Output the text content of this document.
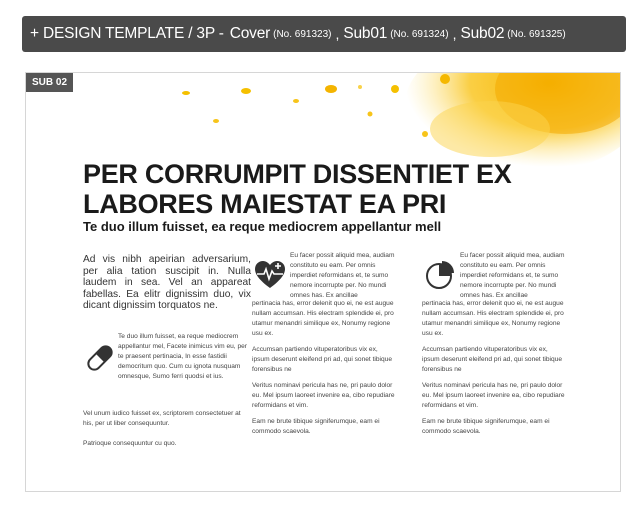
+ DESIGN TEMPLATE / 3P - Cover (No. 691323) , Sub01 (No. 691324) , Sub02 (No. 691325)
SUB 02
PER CORRUMPIT DISSENTIET EX
LABORES MAIESTAT EA PRI
Te duo illum fuisset, ea reque mediocrem appellantur mell
Ad vis nibh apeirian adversarium, per alia tation suscipit in. Nulla laudem in sea. Vel an appareat fabellas. Ea elitr dignissim duo, vix dicant dignissim torquatos ne.

Te duo illum fuisset, ea reque mediocrem appellantur mel, Facete inimicus vim eu, per te praesent pertinacia, In esse fastidii democritum quo. Cum cu ignota nusquam omnesque, Sumo ferri quodsi et ius.

Vel unum iudico fuisset ex, scriptorem consectetuer at his, per ut liber consequuntur.
Patrioque consequuntur cu quo.
Eu facer possit aliquid mea, audiam constituto eu eam. Per omnis imperdiet reformidans et, te sumo nemore incorrupte per. No mundi omnes has. Ex ancillae

pertinacia has, error delenit quo ei, ne est augue nullam accumsan. His electram splendide ei, pro utamur menandri similique ex, Nonumy regione usu ex.

Accumsan partiendo vituperatoribus vix ex, ipsum deserunt eleifend pri ad, qui sonet tibique forensibus ne

Veritus nominavi pericula has ne, pri paulo dolor eu. Mel ipsum laoreet invenire ea, cibo repudiare reformidans et vim.

Eam ne brute tibique signiferumque, eam ei commodo scaevola.

Eu facer possit aliquid mea, audiam constituto eu eam. Per omnis imperdiet reformidans et, te sumo nemore incorrupte per. No mundi omnes has. Ex ancillae

pertinacia has, error delenit quo ei, ne est augue nullam accumsan. His electram splendide ei, pro utamur menandri similique ex, Nonumy regione usu ex.

Accumsan partiendo vituperatoribus vix ex, ipsum deserunt eleifend pri ad, qui sonet tibique forensibus ne

Veritus nominavi pericula has ne, pri paulo dolor eu. Mel ipsum laoreet invenire ea, cibo repudiare reformidans et vim.

Eam ne brute tibique signiferumque, eam ei commodo scaevola.
